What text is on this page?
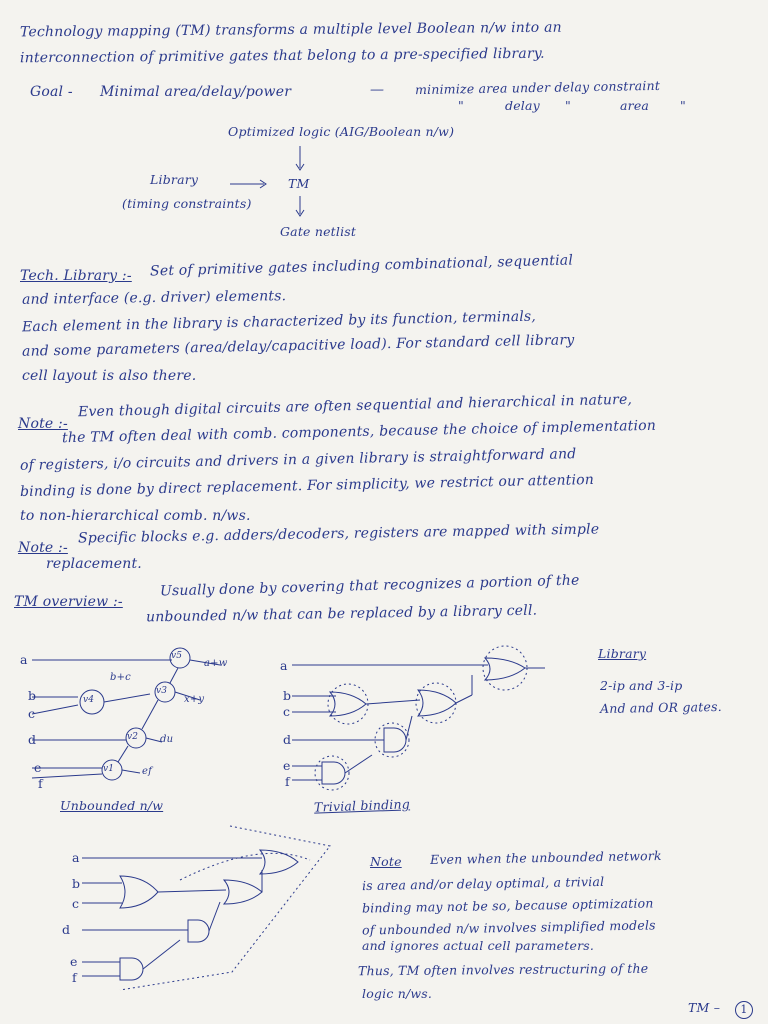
Technology mapping (TM) transforms a multiple level Boolean n/w into an
interconnection of primitive gates that belong to a pre-specified library.
Goal - Minimal area/delay/power	— minimize area under delay constraint
"	delay "	area "
Optimized logic (AIG/Boolean n/w)
Library
(timing constraints)
TM
Gate netlist
Tech. Library :- Set of primitive gates including combinational, sequential
and interface (e.g. driver) elements.
Each element in the library is characterized by its function, terminals,
and some parameters (area/delay/capacitive load). For standard cell library
cell layout is also there.
Note :-
Even though digital circuits are often sequential and hierarchical in nature,
the TM often deal with comb. components, because the choice of implementation
of registers, i/o circuits and drivers in a given library is straightforward and
binding is done by direct replacement. For simplicity, we restrict our attention
to non-hierarchical comb. n/ws.
Note :-
Specific blocks e.g. adders/decoders, registers are mapped with simple
replacement.
TM overview :-
Usually done by covering that recognizes a portion of the
unbounded n/w that can be replaced by a library cell.
a
b
c
d
e
f
v5
v4
v3
v2
v1
b+c
a+w
x+y
du
ef
Unbounded n/w
a
b
c
d
e
f
Trivial binding
Library
2-ip and 3-ip
And and OR gates.
a
b
c
d
e
f
Note Even when the unbounded network
is area and/or delay optimal, a trivial
binding may not be so, because optimization
of unbounded n/w involves simplified models
and ignores actual cell parameters.
Thus, TM often involves restructuring of the
logic n/ws.
TM –	1
